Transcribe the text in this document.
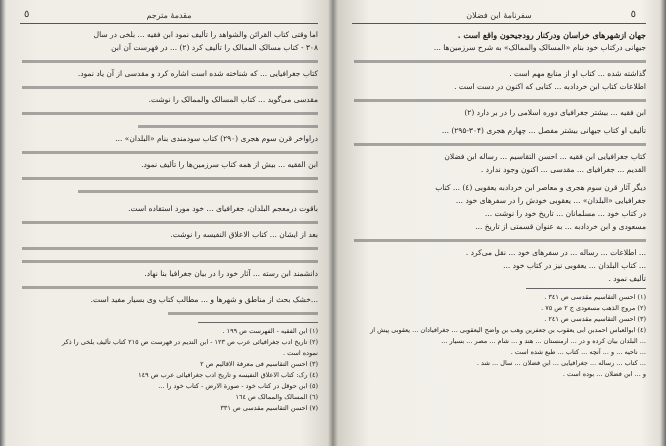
٥	مقدمهٔ مترجم
اما وقتی کتاب القرائن والشواهد را تألیف نمود ابن فقیه ... بلخی در سال
۳۰۸ - کتاب مسالک الممالک را تألیف کرد (۲) ... در فهرست آن ابن
کتاب جغرافیایی ... که شناخته شده است اشاره کرد و مقدسی از آن یاد نمود.
مقدسی می‌گوید ... کتاب المسالک والممالک را نوشت.
دراواخر قرن سوم هجری (۲۹۰) کتاب سودمندی بنام «البلدان» ...
ابن الفقیه ... بیش از همه کتاب سرزمین‌ها را تألیف نمود.
باقوت درمعجم البلدان، جغرافیای ... خود مورد استفاده است.
بعد از ایشان ... کتاب الاعلاق النفیسه را نوشت.
دانشمند ابن رسته ... آثار خود را در بیان جغرافیا بنا نهاد.
...خشک بحث از مناطق و شهرها و ... مطالب کتاب وی بسیار مفید است.
(۱) ابن الفقیه - الفهرست ص ١٩٩ .
(۲) تاریخ ادب جغرافیائی عرب ص ١٢٣ - ابن الندیم در فهرست ص ٢١٥ کتاب تألیف بلخی را ذکر
نموده است .
(۳) احسن التقاسیم فی معرفة الاقالیم ص ٢
(٤) رک: کتاب الاعلاق النفیسه و تاریخ ادب جغرافیائی عرب ص ١٤٩
(٥) ابن حوقل در کتاب خود - صورة الارض - کتاب خود را ...
(٦) المسالک والممالک ص ١٦٤
(٧) احسن التقاسیم مقدسی ص ٣٣١
سفرنامهٔ ابن فضلان	٥
جهان ازشهرهای خراسان ودرکنار رودجیحون واقع است .
جیهانی درکتاب خود بنام «المسالک والممالک» به شرح سرزمین‌ها ...
گذاشته شده ... کتاب او از منابع مهم است .
اطلاعات کتاب ابن خردادبه ... کتابی که اکنون در دست است .
ابن فقیه ... بیشتر جغرافیای دوره اسلامی را در بر دارد (۲)
تألیف او کتاب جیهانی بیشتر مفصل ... چهارم هجری (۳۰۴-۲۹۵) ...
کتاب جغرافیایی ابن فقیه ... احسن التقاسیم ... رساله ابن فضلان
القدیم ... جغرافیای ... مقدسی ... اکنون وجود ندارد .
دیگر آثار قرن سوم هجری و معاصر ابن خردادبه یعقوبی (٤) ... کتاب
جغرافیایی «البلدان» ... یعقوبی خودش را در سفرهای خود ...
در کتاب خود ... مسلمانان ... تاریخ خود را نوشت ...
مسعودی و ابن خردادبه ... به عنوان قسمتی از تاریخ ...
... اطلاعات ... رساله ... در سفرهای خود ... نقل می‌کرد .
... کتاب البلدان ... یعقوبی نیز در کتاب خود ...
تألیف نمود .
(۱) احسن التقاسیم مقدسی ص ٣٤١ .
(۲) مروج الذهب مسعودی ج ٢ ص ٧٥ .
(۳) احسن التقاسیم مقدسی ص ٢٤١ .
(٤) ابوالعباس احمدبن ابی یعقوب بن جعفربن وهب بن واضح الیعقوبی ... جغرافیادان ... یعقوبی پیش از
... البلدان بیان کرده و در ... ارمنستان ... هند و ... شام ... مصر ... بسیار ...
... ناحیه ... و ... آنچه ... کتاب ... طبع شده است .
... کتاب ... رساله ... جغرافیایی ... ابن فضلان ... سال ... شد .
و ... ابن فضلان ... بوده است .
